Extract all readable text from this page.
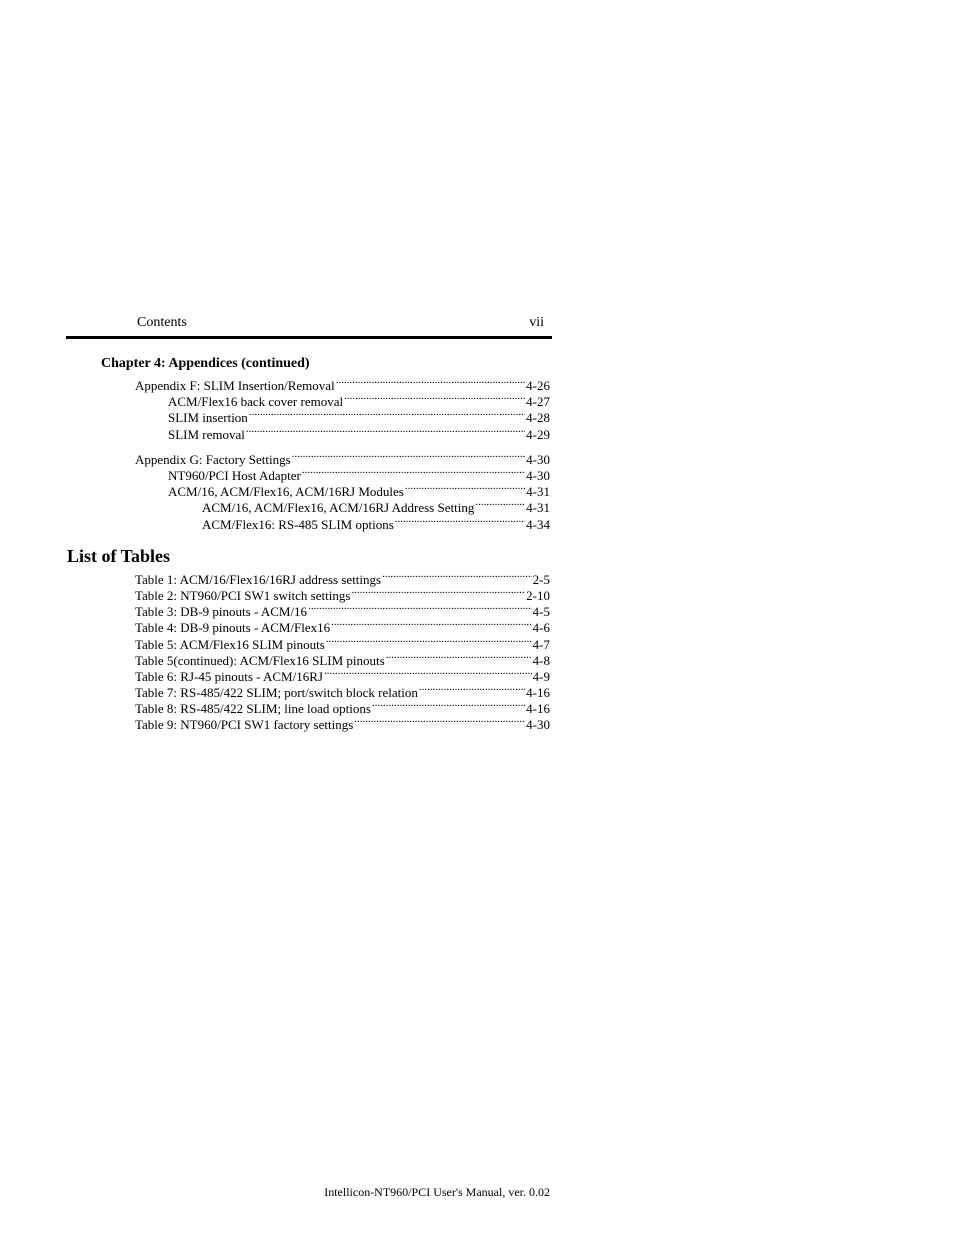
Contents	vii
Chapter 4: Appendices (continued)
Appendix F: SLIM Insertion/Removal .....	4-26
ACM/Flex16 back cover removal .....	4-27
SLIM insertion .....	4-28
SLIM removal .....	4-29
Appendix G: Factory Settings .....	4-30
NT960/PCI Host Adapter .....	4-30
ACM/16, ACM/Flex16, ACM/16RJ Modules .....	4-31
ACM/16, ACM/Flex16, ACM/16RJ Address Setting .....	4-31
ACM/Flex16: RS-485 SLIM options .....	4-34
Table 1: ACM/16/Flex16/16RJ address settings .....	2-5
Table 2: NT960/PCI SW1 switch settings .....	2-10
Table 3: DB-9 pinouts - ACM/16 .....	4-5
Table 4: DB-9 pinouts - ACM/Flex16 .....	4-6
Table 5: ACM/Flex16 SLIM pinouts .....	4-7
Table 5(continued): ACM/Flex16 SLIM pinouts .....	4-8
Table 6: RJ-45 pinouts - ACM/16RJ .....	4-9
Table 7: RS-485/422 SLIM; port/switch block relation .....	4-16
Table 8: RS-485/422 SLIM; line load options .....	4-16
Table 9: NT960/PCI SW1 factory settings .....	4-30
List of Tables
Intellicon-NT960/PCI User's Manual, ver. 0.02
